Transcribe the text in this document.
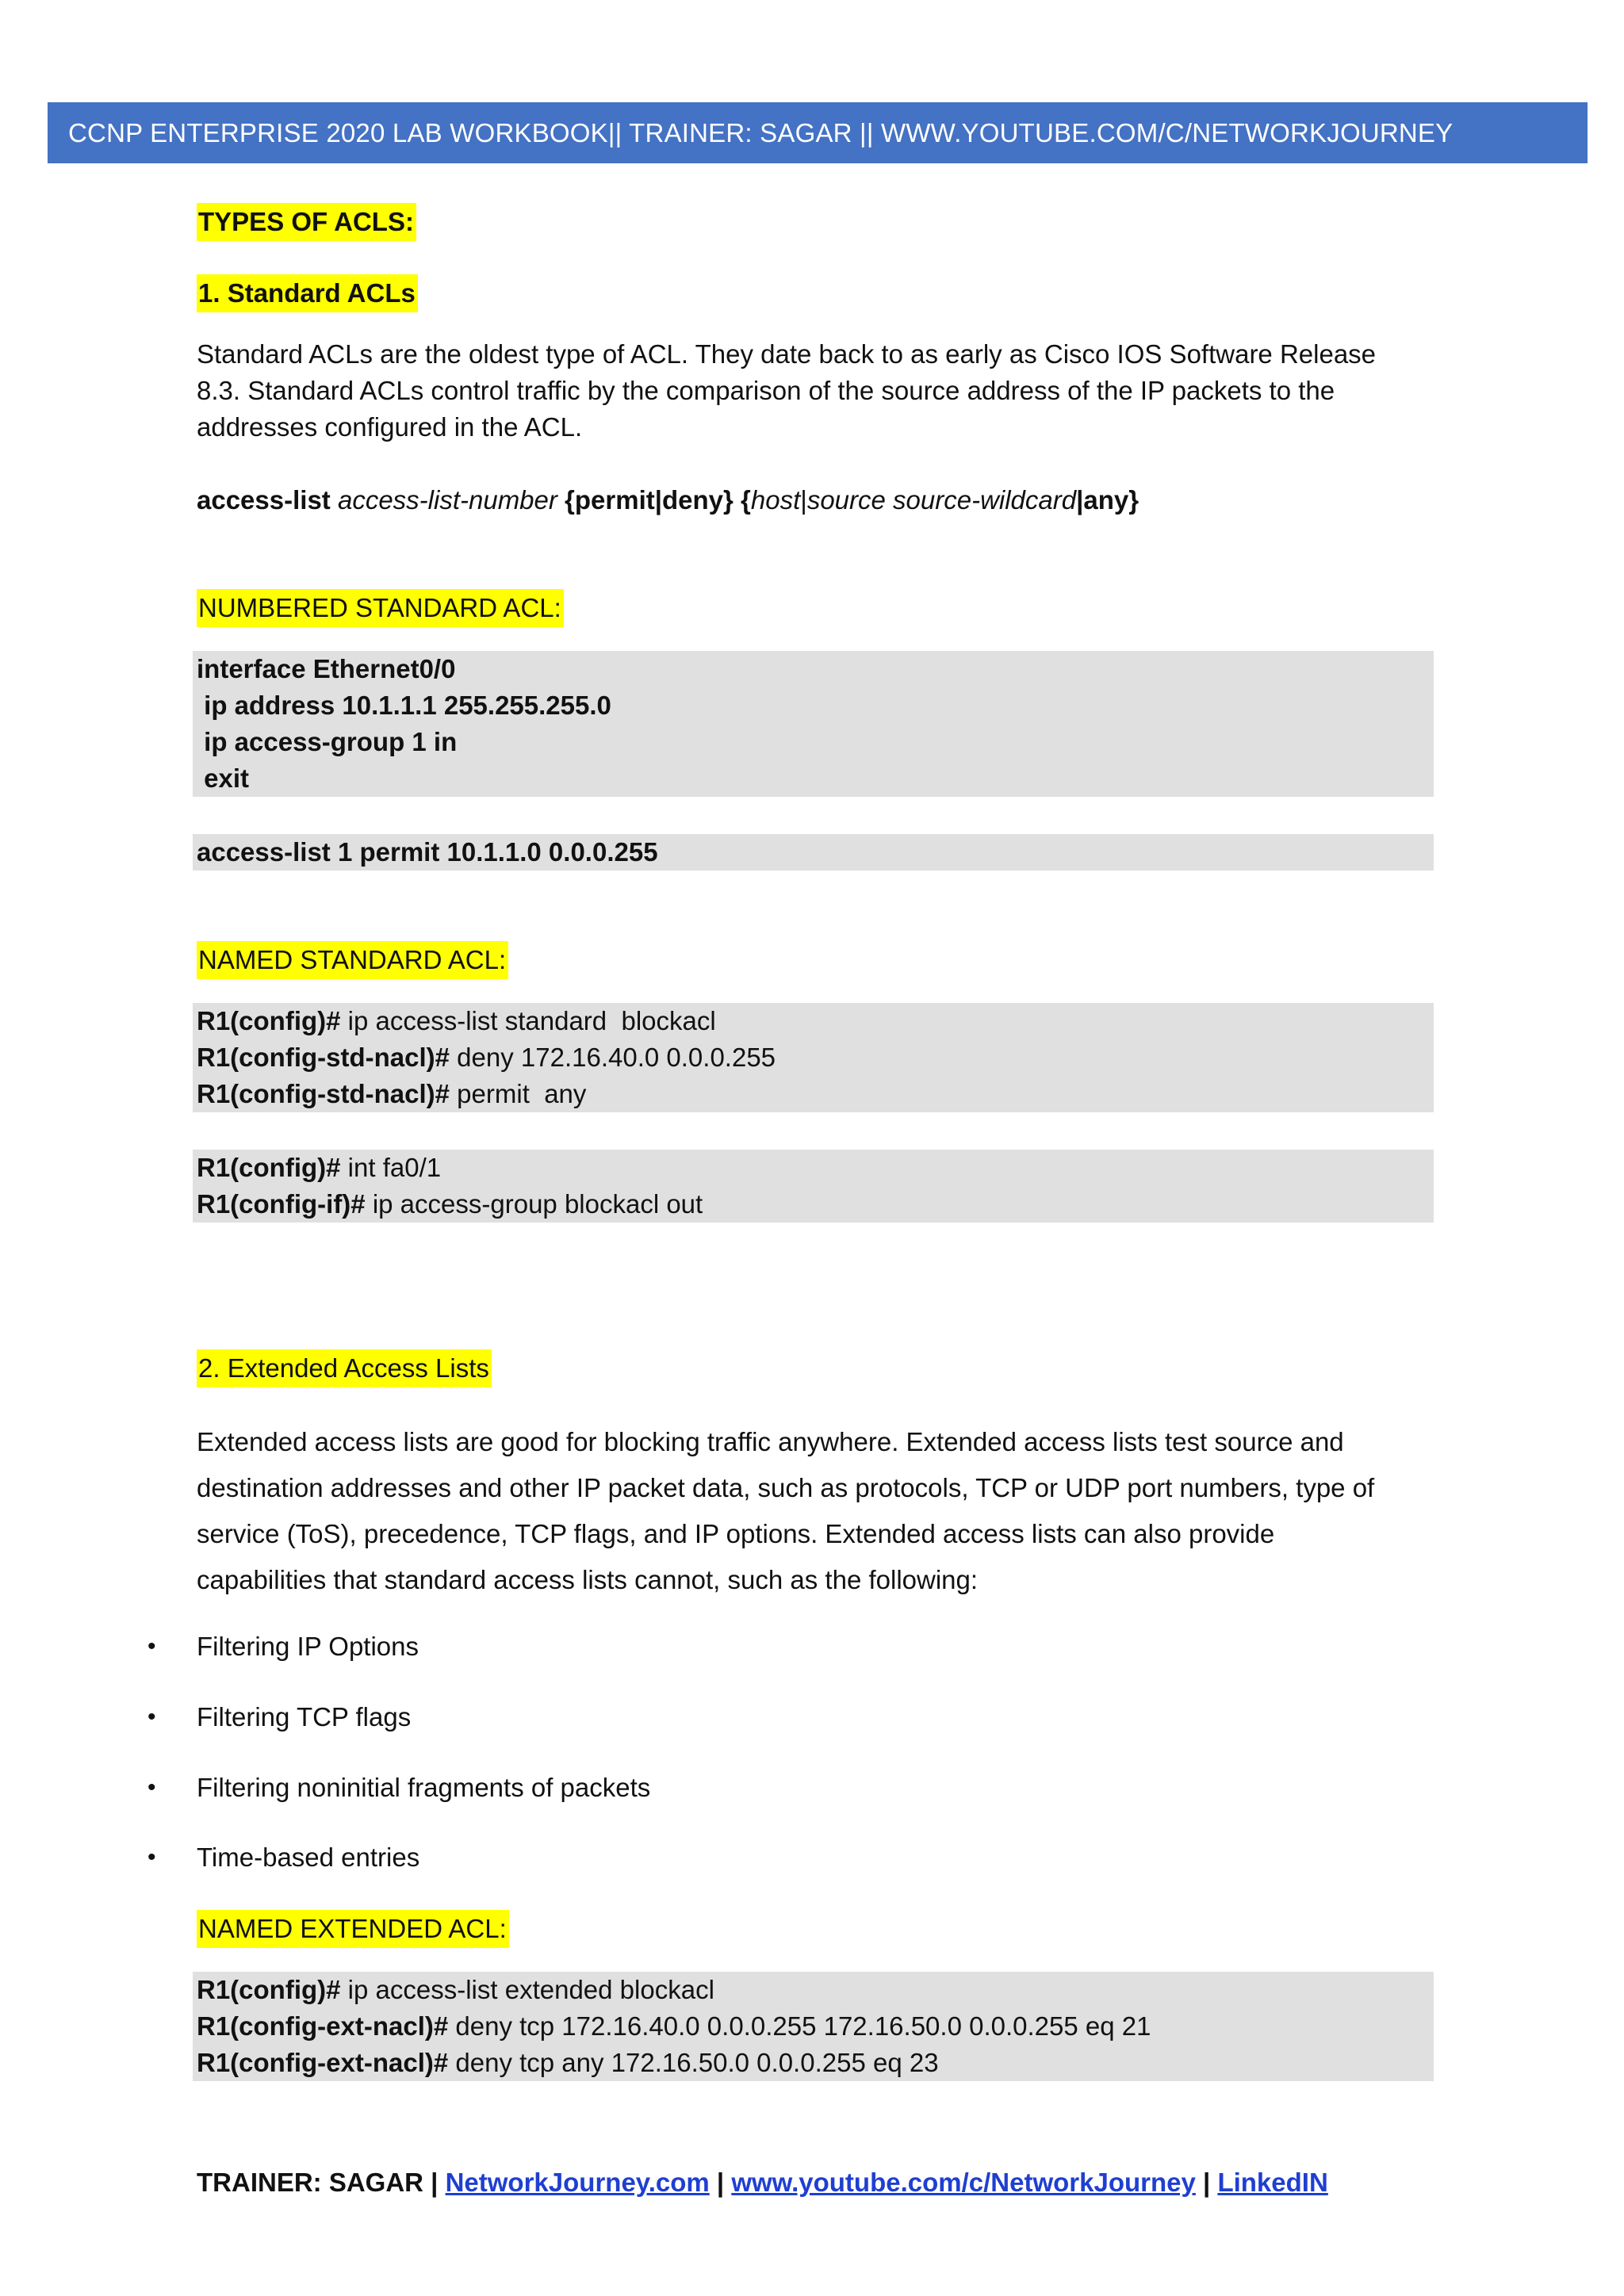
CCNP ENTERPRISE 2020 LAB WORKBOOK|| TRAINER: SAGAR || WWW.YOUTUBE.COM/C/NETWORKJOURNEY
TYPES OF ACLS:
1. Standard ACLs
Standard ACLs are the oldest type of ACL. They date back to as early as Cisco IOS Software Release
8.3. Standard ACLs control traffic by the comparison of the source address of the IP packets to the
addresses configured in the ACL.
access-list access-list-number {permit|deny} {host|source source-wildcard|any}
NUMBERED STANDARD ACL:
interface Ethernet0/0
ip address 10.1.1.1 255.255.255.0
ip access-group 1 in
exit
access-list 1 permit 10.1.1.0 0.0.0.255
NAMED STANDARD ACL:
R1(config)# ip access-list standard  blockacl
R1(config-std-nacl)# deny 172.16.40.0 0.0.0.255
R1(config-std-nacl)# permit  any
R1(config)# int fa0/1
R1(config-if)# ip access-group blockacl out
2. Extended Access Lists
Extended access lists are good for blocking traffic anywhere. Extended access lists test source and
destination addresses and other IP packet data, such as protocols, TCP or UDP port numbers, type of
service (ToS), precedence, TCP flags, and IP options. Extended access lists can also provide
capabilities that standard access lists cannot, such as the following:
• Filtering IP Options
• Filtering TCP flags
• Filtering noninitial fragments of packets
• Time-based entries
NAMED EXTENDED ACL:
R1(config)# ip access-list extended blockacl
R1(config-ext-nacl)# deny tcp 172.16.40.0 0.0.0.255 172.16.50.0 0.0.0.255 eq 21
R1(config-ext-nacl)# deny tcp any 172.16.50.0 0.0.0.255 eq 23
TRAINER: SAGAR | NetworkJourney.com | www.youtube.com/c/NetworkJourney | LinkedIN
